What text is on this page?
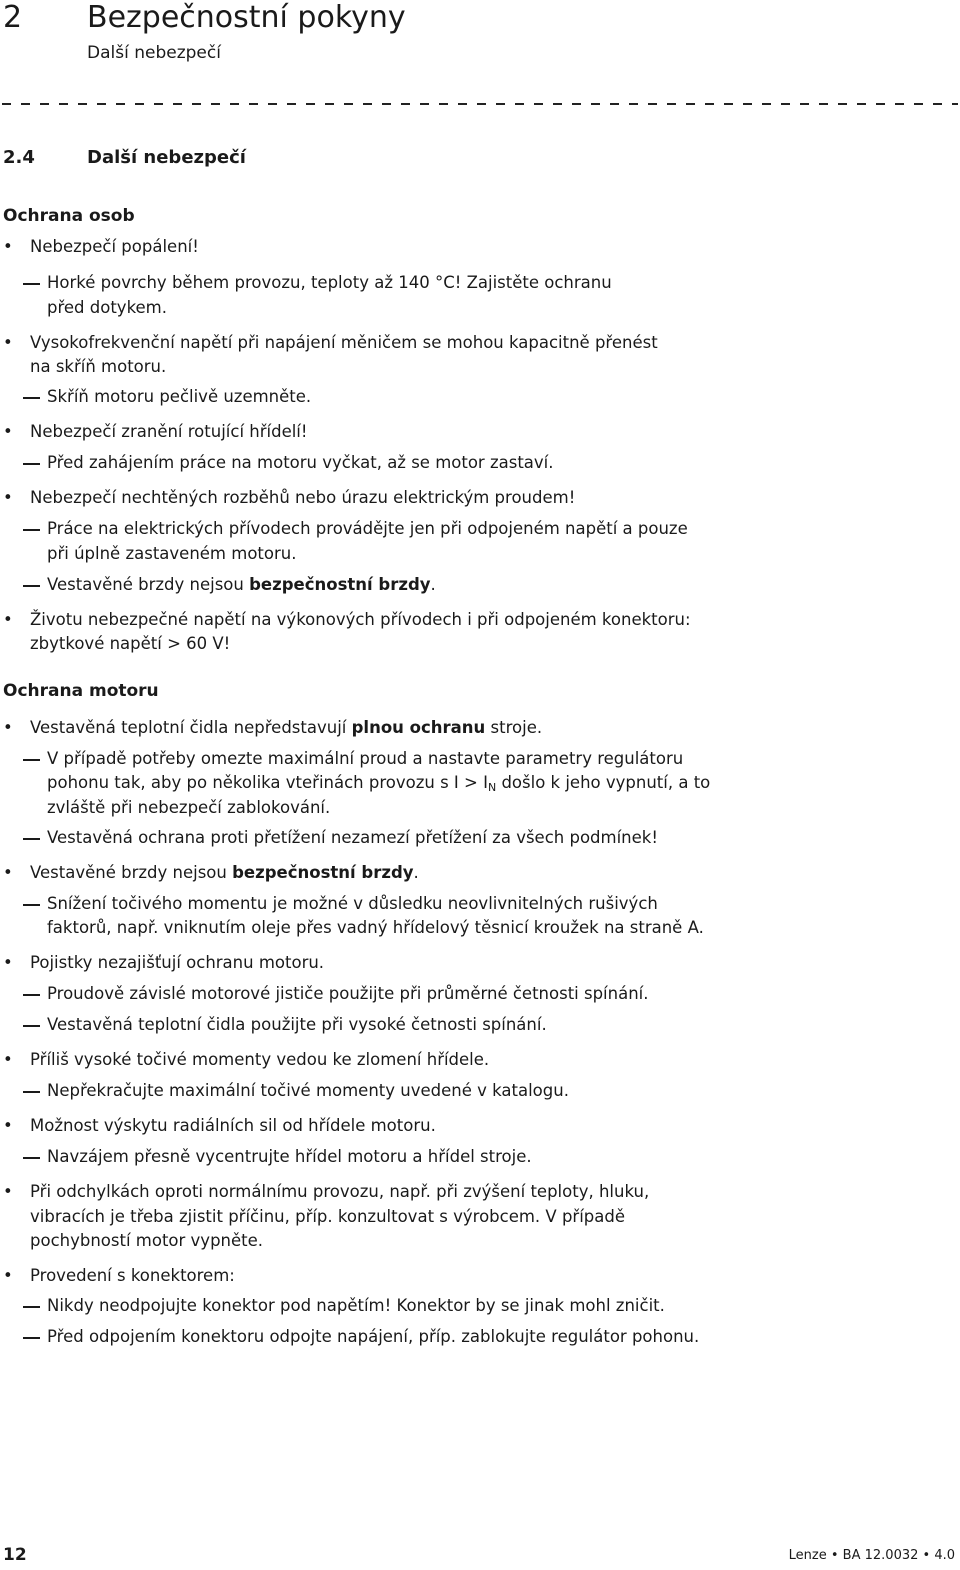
2 Bezpečnostní pokyny
Další nebezpečí
2.4	Další nebezpečí
Ochrana osob
• Nebezpečí popálení!
Horké povrchy během provozu, teploty až 140 °C! Zajistěte ochranu
před dotykem.
• Vysokofrekvenční napětí při napájení měničem se mohou kapacitně přenést
na skříň motoru.
Skříň motoru pečlivě uzemněte.
• Nebezpečí zranění rotující hřídelí!
Před zahájením práce na motoru vyčkat, až se motor zastaví.
• Nebezpečí nechtěných rozběhů nebo úrazu elektrickým proudem!
Práce na elektrických přívodech provádějte jen při odpojeném napětí a pouze
při úplně zastaveném motoru.
Vestavěné brzdy nejsou bezpečnostní brzdy.
• Životu nebezpečné napětí na výkonových přívodech i při odpojeném konektoru:
zbytkové napětí > 60 V!
Ochrana motoru
• Vestavěná teplotní čidla nepředstavují plnou ochranu stroje.
V případě potřeby omezte maximální proud a nastavte parametry regulátoru
pohonu tak, aby po několika vteřinách provozu s $I > I_N$ došlo k jeho vypnutí, a to
zvláště při nebezpečí zablokování.
Vestavěná ochrana proti přetížení nezamezí přetížení za všech podmínek!
• Vestavěné brzdy nejsou bezpečnostní brzdy.
Snížení točivého momentu je možné v důsledku neovlivnitelných rušivých
faktorů, např. vniknutím oleje přes vadný hřídelový těsnicí kroužek na straně A.
• Pojistky nezajišťují ochranu motoru.
Proudově závislé motorové jističe použijte při průměrné četnosti spínání.
Vestavěná teplotní čidla použijte při vysoké četnosti spínání.
• Příliš vysoké točivé momenty vedou ke zlomení hřídele.
Nepřekračujte maximální točivé momenty uvedené v katalogu.
• Možnost výskytu radiálních sil od hřídele motoru.
Navzájem přesně vycentrujte hřídel motoru a hřídel stroje.
• Při odchylkách oproti normálnímu provozu, např. při zvýšení teploty, hluku,
vibracích je třeba zjistit příčinu, příp. konzultovat s výrobcem. V případě
pochybností motor vypněte.
• Provedení s konektorem:
Nikdy neodpojujte konektor pod napětím! Konektor by se jinak mohl zničit.
Před odpojením konektoru odpojte napájení, příp. zablokujte regulátor pohonu.
12	Lenze • BA 12.0032 • 4.0
